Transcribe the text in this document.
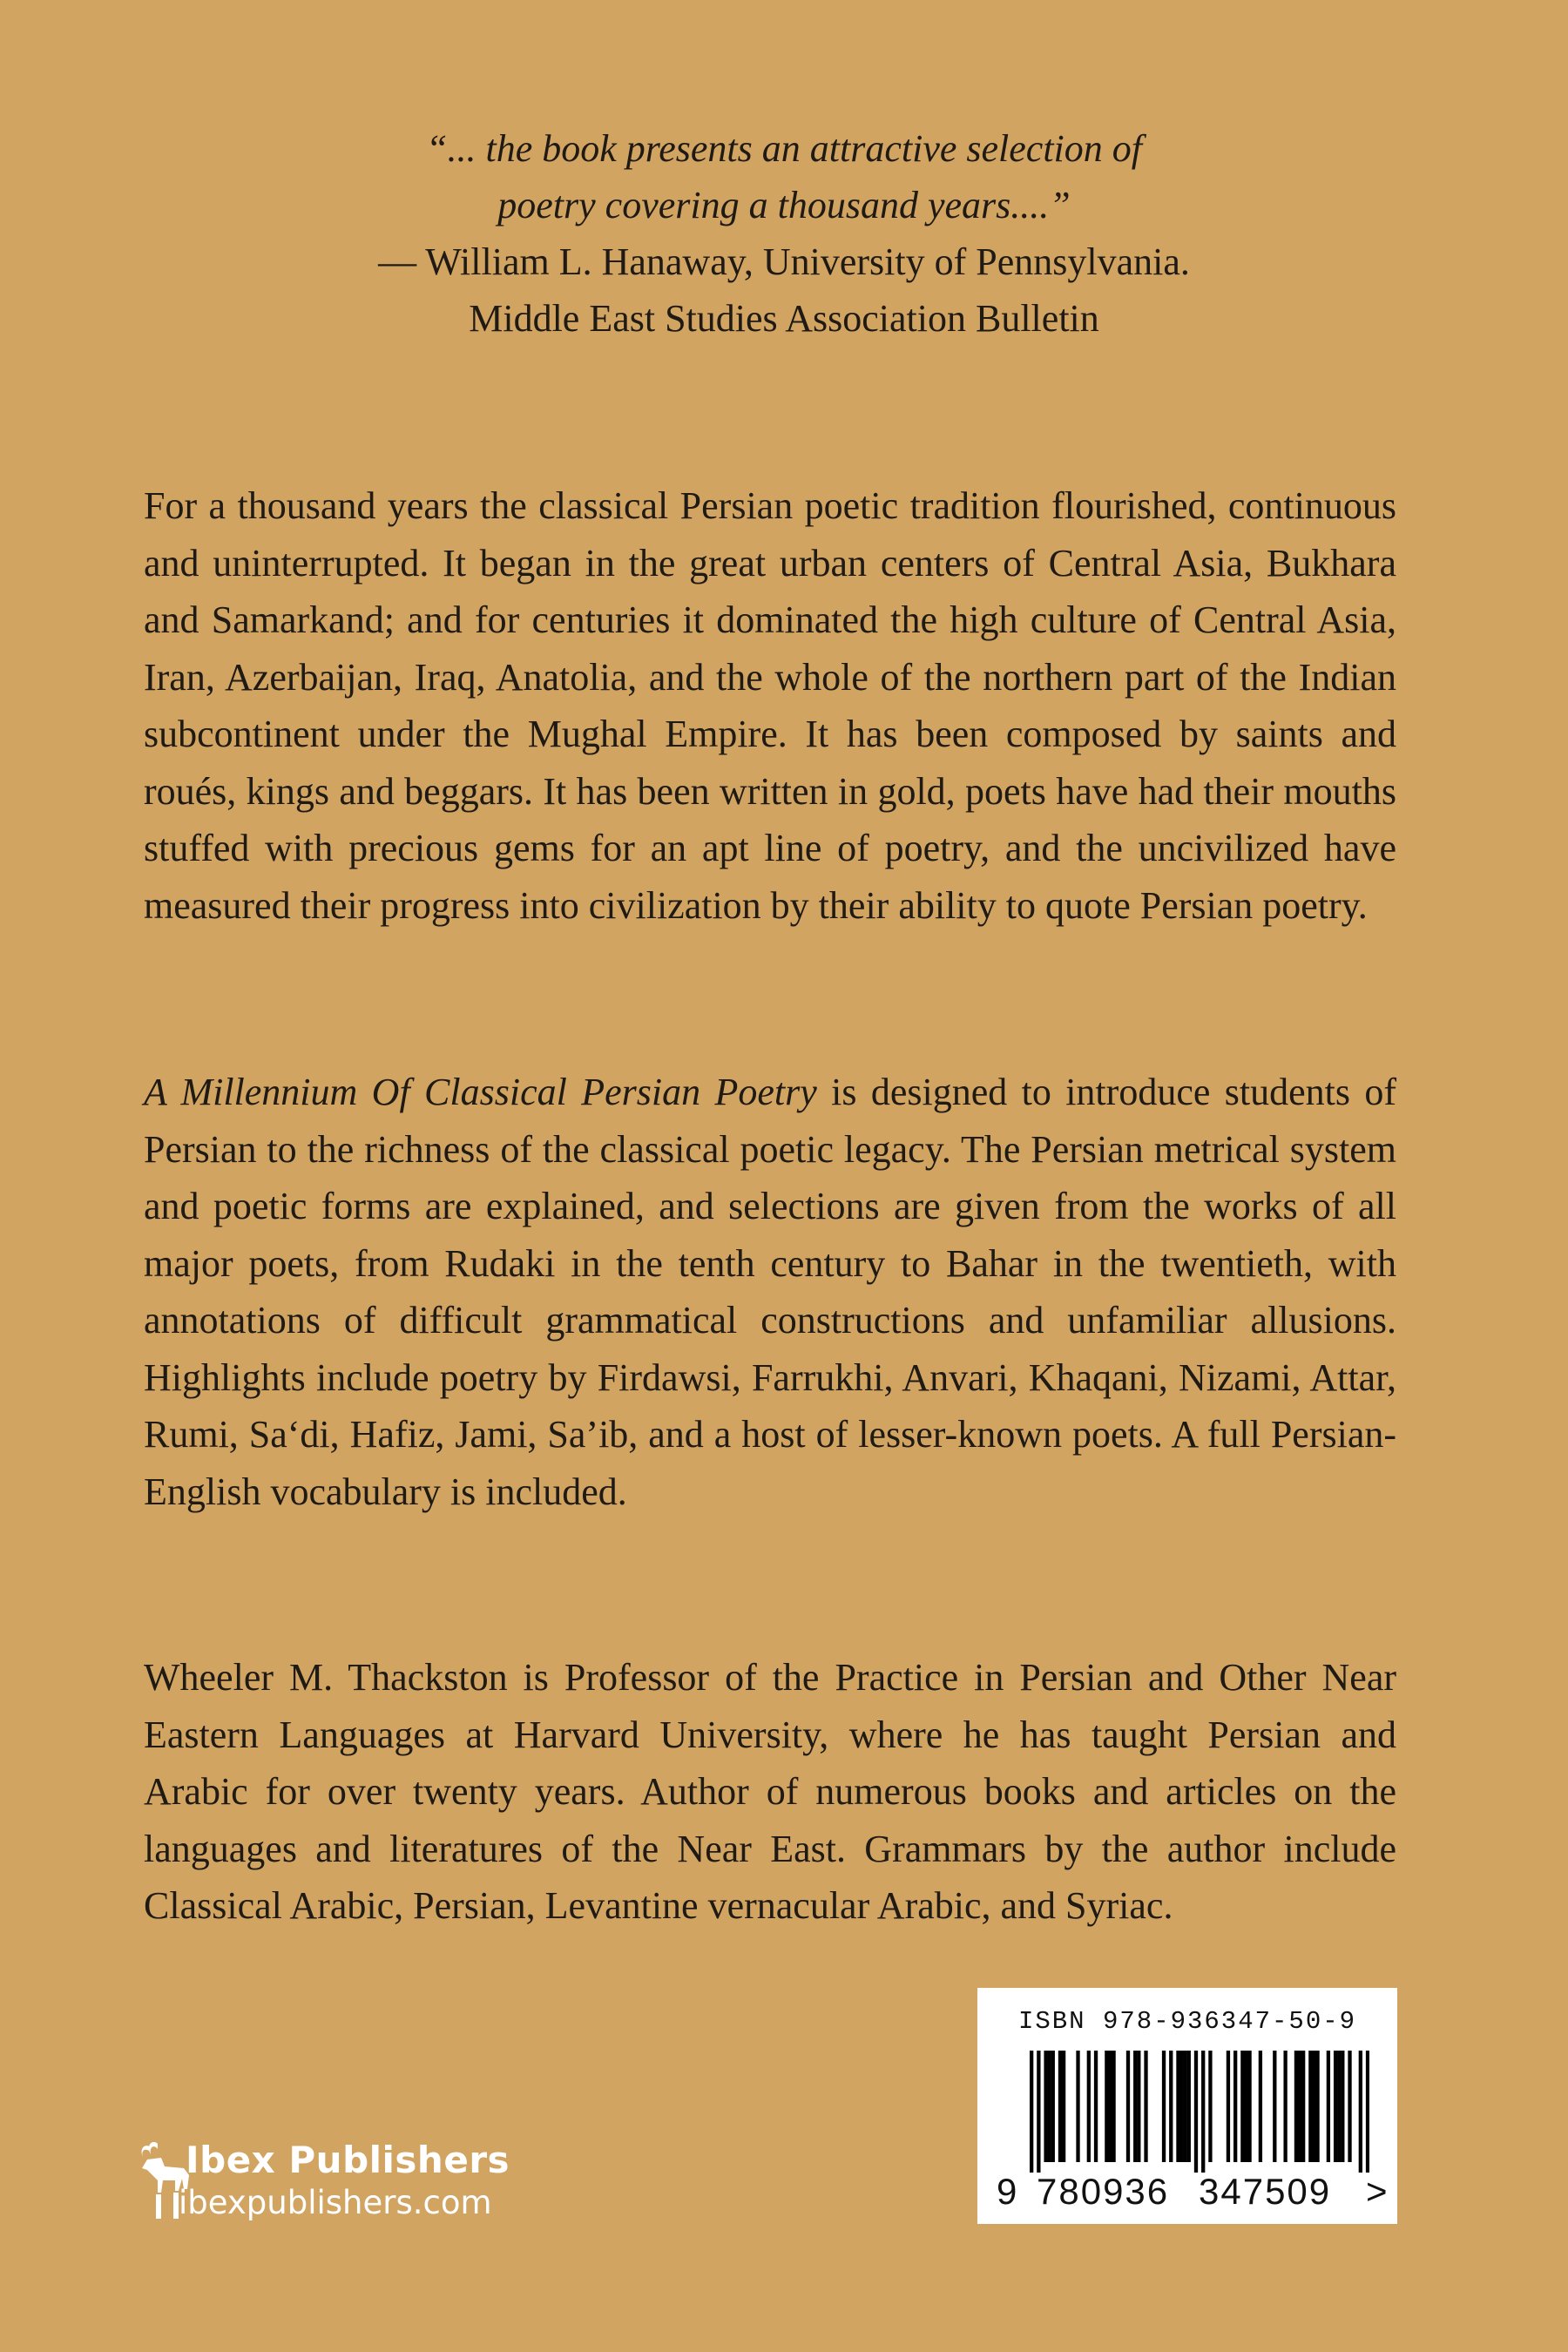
“... the book presents an attractive selection of
poetry covering a thousand years....”
— William L. Hanaway, University of Pennsylvania.
Middle East Studies Association Bulletin
For a thousand years the classical Persian poetic tradition flourished, continuous and uninterrupted. It began in the great urban centers of Central Asia, Bukhara and Samarkand; and for centuries it dominated the high culture of Central Asia, Iran, Azerbaijan, Iraq, Anatolia, and the whole of the northern part of the Indian subcontinent under the Mughal Empire. It has been composed by saints and roués, kings and beggars. It has been written in gold, poets have had their mouths stuffed with precious gems for an apt line of poetry, and the uncivilized have measured their progress into civilization by their ability to quote Persian poetry.
A Millennium Of Classical Persian Poetry is designed to introduce students of Persian to the richness of the classical poetic legacy. The Persian metrical system and poetic forms are explained, and selections are given from the works of all major poets, from Rudaki in the tenth century to Bahar in the twentieth, with annotations of difficult grammatical constructions and unfamiliar allusions. Highlights include poetry by Firdawsi, Farrukhi, Anvari, Khaqani, Nizami, Attar, Rumi, Sa‘di, Hafiz, Jami, Sa’ib, and a host of lesser-known poets. A full Persian-English vocabulary is included.
Wheeler M. Thackston is Professor of the Practice in Persian and Other Near Eastern Languages at Harvard University, where he has taught Persian and Arabic for over twenty years. Author of numerous books and articles on the languages and literatures of the Near East. Grammars by the author include Classical Arabic, Persian, Levantine vernacular Arabic, and Syriac.
ISBN 978-936347-50-9
9 780936 347509 >
Ibex Publishers
ibexpublishers.com
